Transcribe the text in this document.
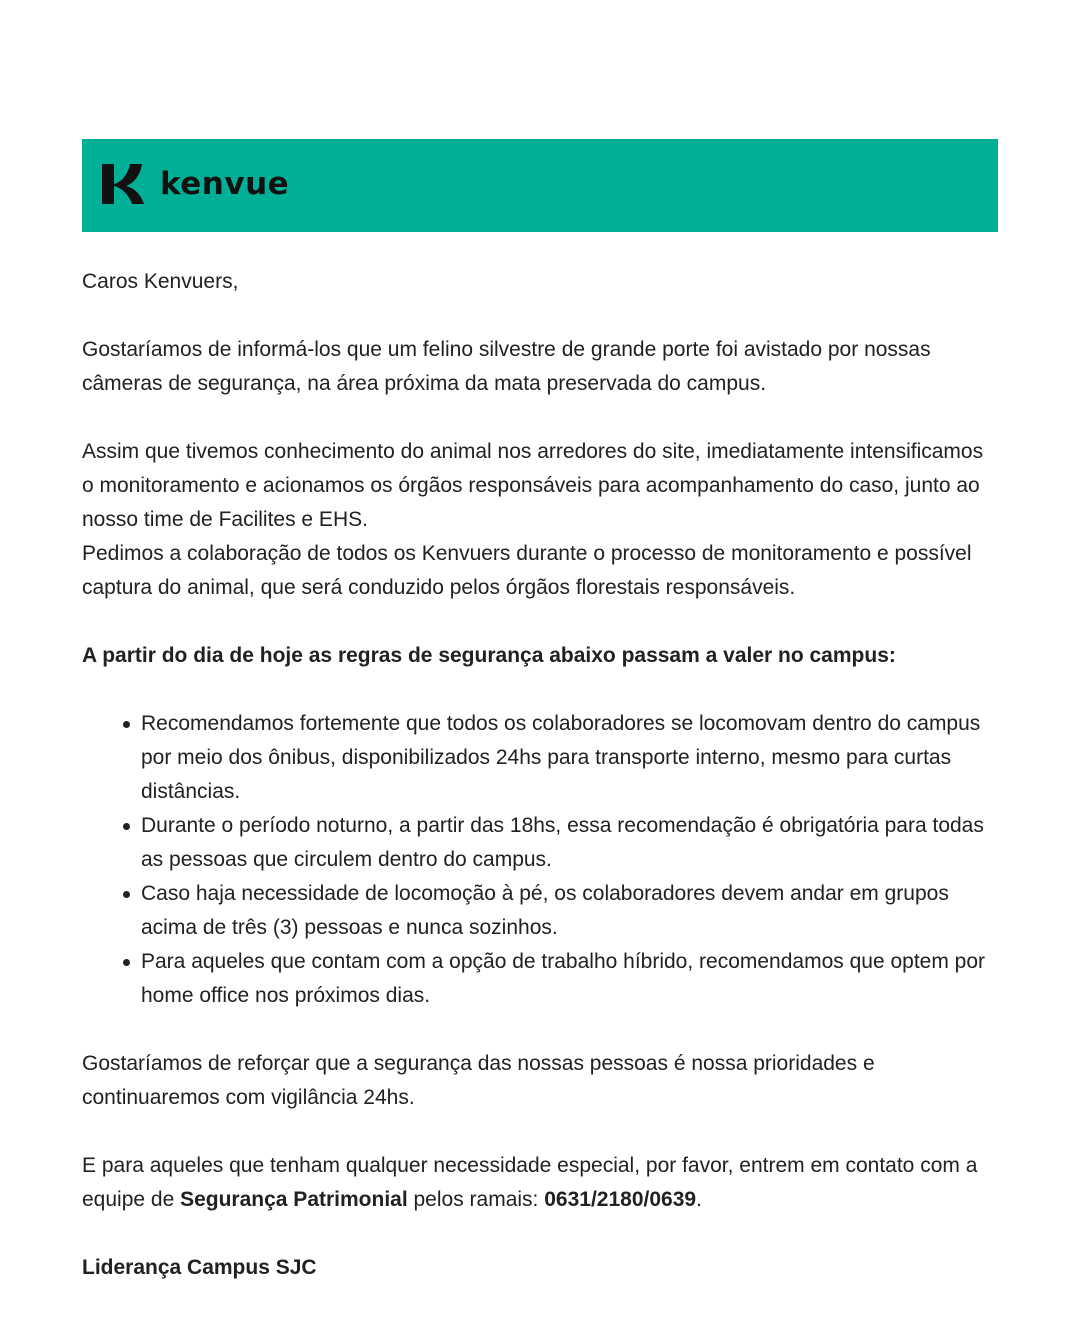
kenvue

Caros Kenvuers,

Gostaríamos de informá-los que um felino silvestre de grande porte foi avistado por nossas câmeras de segurança, na área próxima da mata preservada do campus.

Assim que tivemos conhecimento do animal nos arredores do site, imediatamente intensificamos o monitoramento e acionamos os órgãos responsáveis para acompanhamento do caso, junto ao nosso time de Facilites e EHS.

Pedimos a colaboração de todos os Kenvuers durante o processo de monitoramento e possível captura do animal, que será conduzido pelos órgãos florestais responsáveis.

A partir do dia de hoje as regras de segurança abaixo passam a valer no campus:

Recomendamos fortemente que todos os colaboradores se locomovam dentro do campus por meio dos ônibus, disponibilizados 24hs para transporte interno, mesmo para curtas distâncias.
Durante o período noturno, a partir das 18hs, essa recomendação é obrigatória para todas as pessoas que circulem dentro do campus.
Caso haja necessidade de locomoção à pé, os colaboradores devem andar em grupos acima de três (3) pessoas e nunca sozinhos.
Para aqueles que contam com a opção de trabalho híbrido, recomendamos que optem por home office nos próximos dias.

Gostaríamos de reforçar que a segurança das nossas pessoas é nossa prioridades e continuaremos com vigilância 24hs.

E para aqueles que tenham qualquer necessidade especial, por favor, entrem em contato com a equipe de Segurança Patrimonial pelos ramais: 0631/2180/0639.

Liderança Campus SJC
